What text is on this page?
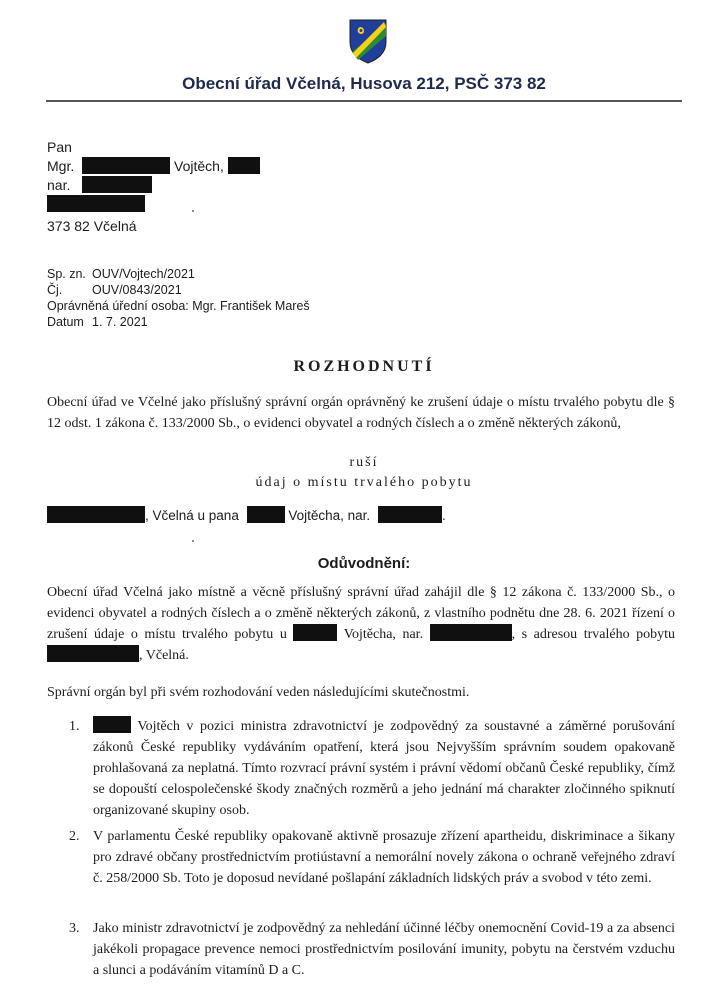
Obecní úřad Včelná, Husova 212, PSČ 373 82
Pan
Mgr.	Vojtěch,
nar.
373 82 Včelná
Sp. zn. OUV/Vojtech/2021
Čj. OUV/0843/2021
Oprávněná úřední osoba: Mgr. František Mareš
Datum 1. 7. 2021
ROZHODNUTÍ
Obecní úřad ve Včelné jako příslušný správní orgán oprávněný ke zrušení údaje o místu trvalého pobytu dle § 12 odst. 1 zákona č. 133/2000 Sb., o evidenci obyvatel a rodných číslech a o změně některých zákonů,
ruší
údaj o místu trvalého pobytu
, Včelná u pana	Vojtěcha, nar.	.
Odůvodnění:
Obecní úřad Včelná jako místně a věcně příslušný správní úřad zahájil dle § 12 zákona č. 133/2000 Sb., o evidenci obyvatel a rodných číslech a o změně některých zákonů, z vlastního podnětu dne 28. 6. 2021 řízení o zrušení údaje o místu trvalého pobytu u	Vojtěcha, nar.	, s adresou trvalého pobytu , Včelná.
Správní orgán byl při svém rozhodování veden následujícími skutečnostmi.
1.	Vojtěch v pozici ministra zdravotnictví je zodpovědný za soustavné a záměrné porušování zákonů České republiky vydáváním opatření, která jsou Nejvyšším správním soudem opakovaně prohlašovaná za neplatná. Tímto rozvrací právní systém i právní vědomí občanů České republiky, čímž se dopouští celospolečenské škody značných rozměrů a jeho jednání má charakter zločinného spiknutí organizované skupiny osob.
2. V parlamentu České republiky opakovaně aktivně prosazuje zřízení apartheidu, diskriminace a šikany pro zdravé občany prostřednictvím protiústavní a nemorální novely zákona o ochraně veřejného zdraví č. 258/2000 Sb. Toto je doposud nevídané pošlapání základních lidských práv a svobod v této zemi.
3. Jako ministr zdravotnictví je zodpovědný za nehledání účinné léčby onemocnění Covid-19 a za absenci jakékoli propagace prevence nemoci prostřednictvím posilování imunity, pobytu na čerstvém vzduchu a slunci a podáváním vitamínů D a C.
